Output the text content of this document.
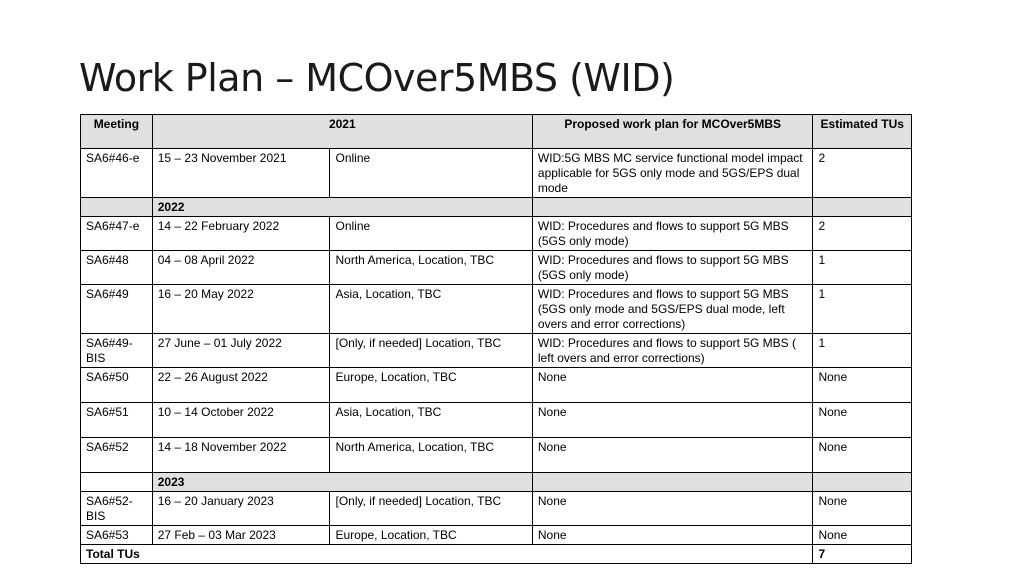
Work Plan – MCOver5MBS (WID)
Meeting	2021		Proposed work plan for MCOver5MBS	Estimated TUs
SA6#46-e	15 – 23 November 2021	Online	WID:5G MBS MC service functional model impact applicable for 5GS only mode and 5GS/EPS dual mode	2
	2022			
SA6#47-e	14 – 22 February 2022	Online	WID: Procedures and flows to support 5G MBS (5GS only mode)	2
SA6#48	04 – 08 April 2022	North America, Location, TBC	WID: Procedures and flows to support 5G MBS (5GS only mode)	1
SA6#49	16 – 20 May 2022	Asia, Location, TBC	WID: Procedures and flows to support 5G MBS (5GS only mode and 5GS/EPS dual mode, left overs and error corrections)	1
SA6#49-BIS	27 June – 01 July 2022	[Only, if needed] Location, TBC	WID: Procedures and flows to support 5G MBS ( left overs and error corrections)	1
SA6#50	22 – 26 August 2022	Europe, Location, TBC	None	None
SA6#51	10 – 14 October 2022	Asia, Location, TBC	None	None
SA6#52	14 – 18 November 2022	North America, Location, TBC	None	None
	2023			
SA6#52-BIS	16 – 20 January 2023	[Only, if needed] Location, TBC	None	None
SA6#53	27 Feb – 03 Mar 2023	Europe, Location, TBC	None	None
Total TUs				7
